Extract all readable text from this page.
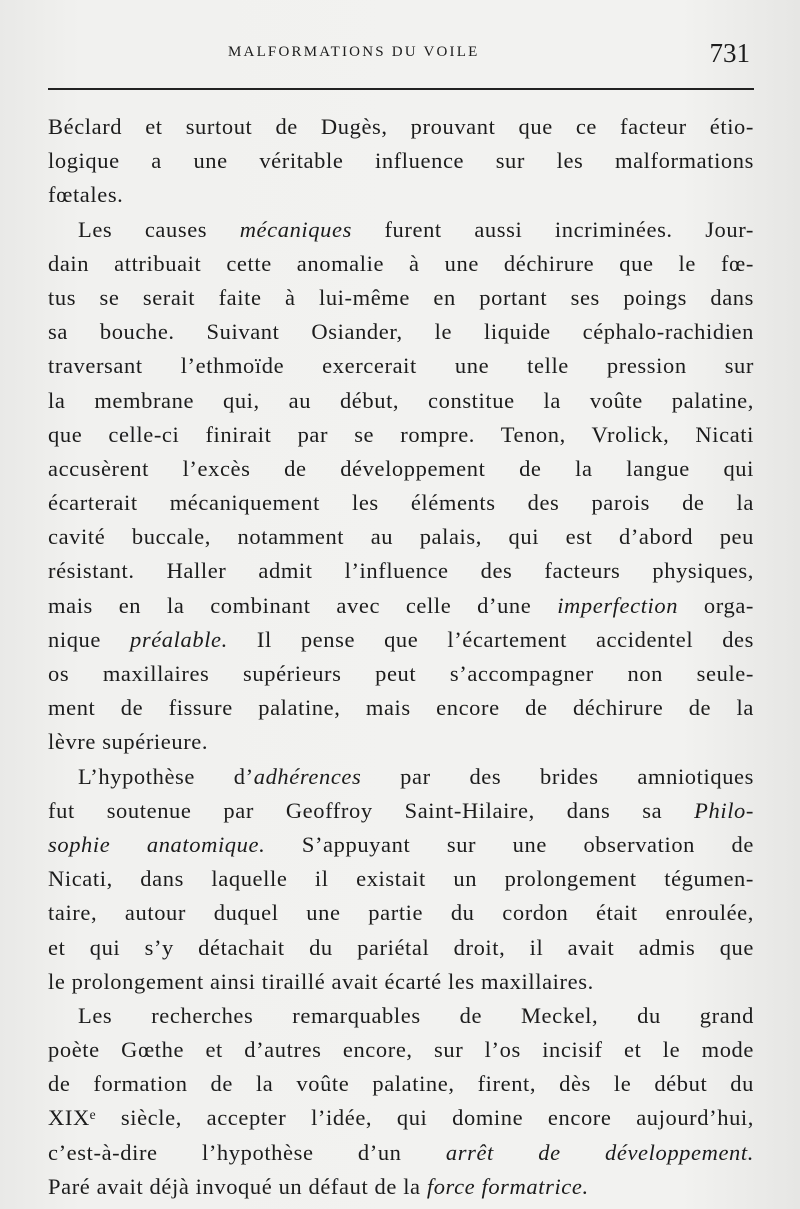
MALFORMATIONS DU VOILE	731
Béclard et surtout de Dugès, prouvant que ce facteur étio-
logique a une véritable influence sur les malformations
fœtales.
Les causes mécaniques furent aussi incriminées. Jour-
dain attribuait cette anomalie à une déchirure que le fœ-
tus se serait faite à lui-même en portant ses poings dans
sa bouche. Suivant Osiander, le liquide céphalo-rachidien
traversant l’ethmoïde exercerait une telle pression sur
la membrane qui, au début, constitue la voûte palatine,
que celle-ci finirait par se rompre. Tenon, Vrolick, Nicati
accusèrent l’excès de développement de la langue qui
écarterait mécaniquement les éléments des parois de la
cavité buccale, notamment au palais, qui est d’abord peu
résistant. Haller admit l’influence des facteurs physiques,
mais en la combinant avec celle d’une imperfection orga-
nique préalable. Il pense que l’écartement accidentel des
os maxillaires supérieurs peut s’accompagner non seule-
ment de fissure palatine, mais encore de déchirure de la
lèvre supérieure.
L’hypothèse d’adhérences par des brides amniotiques
fut soutenue par Geoffroy Saint-Hilaire, dans sa Philo-
sophie anatomique. S’appuyant sur une observation de
Nicati, dans laquelle il existait un prolongement tégumen-
taire, autour duquel une partie du cordon était enroulée,
et qui s’y détachait du pariétal droit, il avait admis que
le prolongement ainsi tiraillé avait écarté les maxillaires.
Les recherches remarquables de Meckel, du grand
poète Gœthe et d’autres encore, sur l’os incisif et le mode
de formation de la voûte palatine, firent, dès le début du
XIXᵉ siècle, accepter l’idée, qui domine encore aujourd’hui,
c’est-à-dire l’hypothèse d’un arrêt de développement.
Paré avait déjà invoqué un défaut de la force formatrice.
